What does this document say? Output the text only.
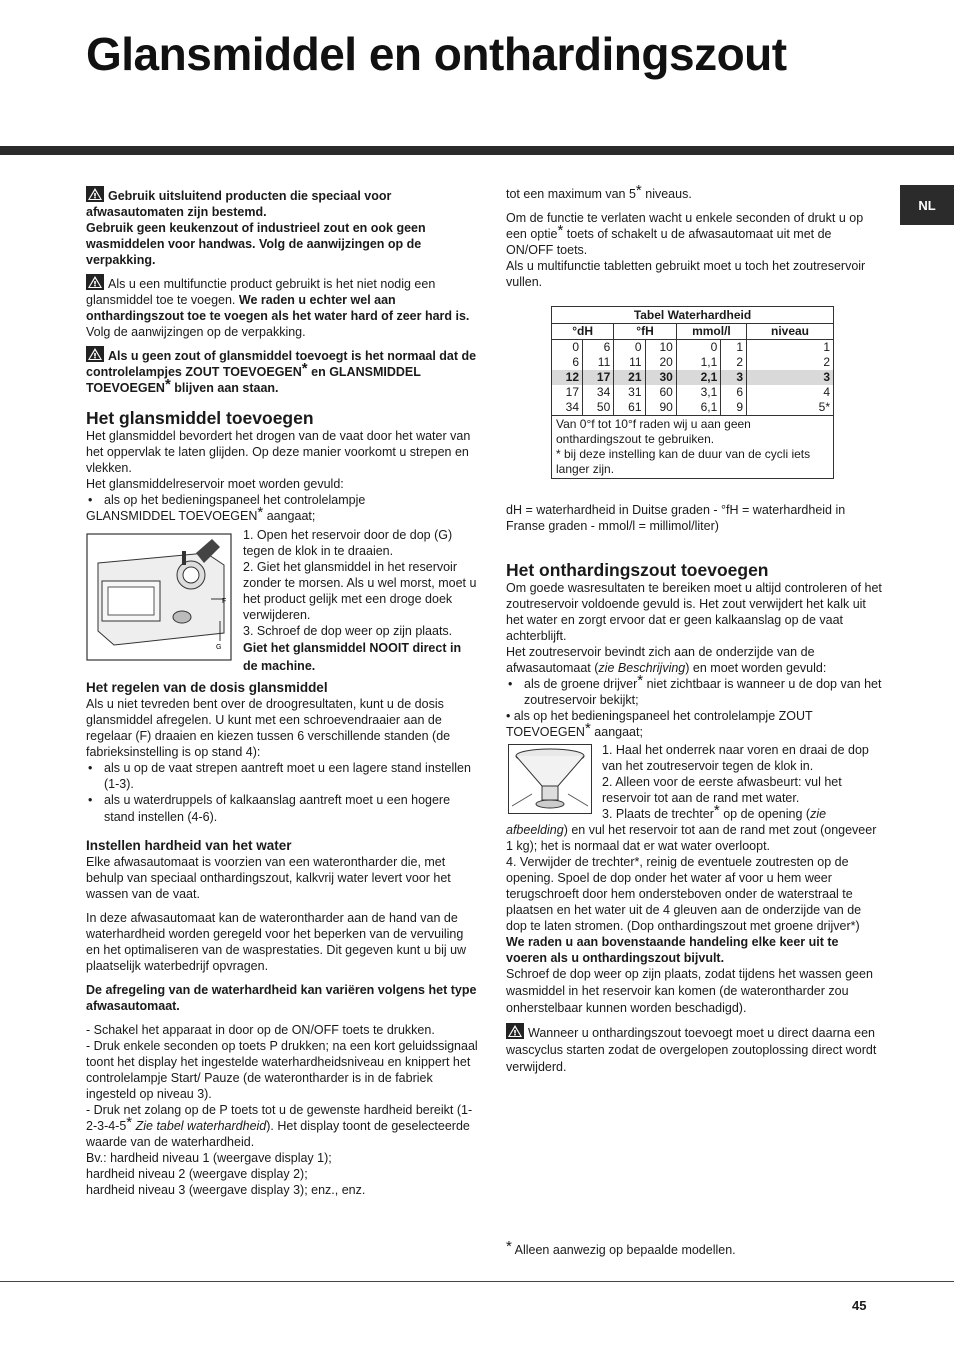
Glansmiddel en onthardingszout
NL

Gebruik uitsluitend producten die speciaal voor afwasautomaten zijn bestemd.
Gebruik geen keukenzout of industrieel zout en ook geen wasmiddelen voor handwas. Volg de aanwijzingen op de verpakking.

Als u een multifunctie product gebruikt is het niet nodig een glansmiddel toe te voegen. We raden u echter wel aan onthardingszout toe te voegen als het water hard of zeer hard is. Volg de aanwijzingen op de verpakking.

Als u geen zout of glansmiddel toevoegt is het normaal dat de controlelampjes ZOUT TOEVOEGEN* en GLANSMIDDEL TOEVOEGEN* blijven aan staan.

Het glansmiddel toevoegen

Het glansmiddel bevordert het drogen van de vaat door het water van het oppervlak te laten glijden. Op deze manier voorkomt u strepen en vlekken.

Het glansmiddelreservoir moet worden gevuld:

• als op het bedieningspaneel het controlelampje

GLANSMIDDEL TOEVOEGEN* aangaat;

F
G

1. Open het reservoir door de dop (G) tegen de klok in te draaien.

2. Giet het glansmiddel in het reservoir zonder te morsen. Als u wel morst, moet u het product gelijk met een droge doek verwijderen.

3. Schroef de dop weer op zijn plaats.

Giet het glansmiddel NOOIT direct in de machine.

Het regelen van de dosis glansmiddel

Als u niet tevreden bent over de droogresultaten, kunt u de dosis glansmiddel afregelen. U kunt met een schroevendraaier aan de regelaar (F) draaien en kiezen tussen 6 verschillende standen (de fabrieksinstelling is op stand 4):

• als u op de vaat strepen aantreft moet u een lagere stand instellen (1-3).

• als u waterdruppels of kalkaanslag aantreft moet u een hogere stand instellen (4-6).

Instellen hardheid van het water

Elke afwasautomaat is voorzien van een waterontharder die, met behulp van speciaal onthardingszout, kalkvrij water levert voor het wassen van de vaat.

In deze afwasautomaat kan de waterontharder aan de hand van de waterhardheid worden geregeld voor het beperken van de vervuiling en het optimaliseren van de wasprestaties. Dit gegeven kunt u bij uw plaatselijk waterbedrijf opvragen.

De afregeling van de waterhardheid kan variëren volgens het type afwasautomaat.

- Schakel het apparaat in door op de ON/OFF toets te drukken.

- Druk enkele seconden op toets P drukken; na een kort geluidssignaal toont het display het ingestelde waterhardheidsniveau en knippert het controlelampje Start/ Pauze (de waterontharder is in de fabriek ingesteld op niveau 3).

- Druk net zolang op de P toets tot u de gewenste hardheid bereikt (1-2-3-4-5* Zie tabel waterhardheid). Het display toont de geselecteerde waarde van de waterhardheid.

Bv.: hardheid niveau 1 (weergave display 1);

hardheid niveau 2 (weergave display 2);

hardheid niveau 3 (weergave display 3); enz., enz.

tot een maximum van 5* niveaus.

Om de functie te verlaten wacht u enkele seconden of drukt u op een optie* toets of schakelt u de afwasautomaat uit met de ON/OFF toets.

Als u multifunctie tabletten gebruikt moet u toch het zoutreservoir vullen.

Tabel Waterhardheid
°dH		°fH		mmol/l		niveau
0	6	0	10	0	1	1
6	11	11	20	1,1	2	2
12	17	21	30	2,1	3	3
17	34	31	60	3,1	6	4
34	50	61	90	6,1	9	5*

Van 0°f tot 10°f raden wij u aan geen onthardingszout te gebruiken.

* bij deze instelling kan de duur van de cycli iets langer zijn.

dH = waterhardheid in Duitse graden - °fH = waterhardheid in Franse graden - mmol/l = millimol/liter)

Het onthardingszout toevoegen

Om goede wasresultaten te bereiken moet u altijd controleren of het zoutreservoir voldoende gevuld is. Het zout verwijdert het kalk uit het water en zorgt ervoor dat er geen kalkaanslag op de vaat achterblijft.

Het zoutreservoir bevindt zich aan de onderzijde van de afwasautomaat (zie Beschrijving) en moet worden gevuld:

• als de groene drijver* niet zichtbaar is wanneer u de dop van het zoutreservoir bekijkt;

• als op het bedieningspaneel het controlelampje ZOUT TOEVOEGEN* aangaat;

1. Haal het onderrek naar voren en draai de dop van het zoutreservoir tegen de klok in.

2. Alleen voor de eerste afwasbeurt: vul het reservoir tot aan de rand met water.

3. Plaats de trechter* op de opening (zie afbeelding) en vul het reservoir tot aan de rand met zout (ongeveer 1 kg); het is normaal dat er wat water overloopt.

4. Verwijder de trechter*, reinig de eventuele zoutresten op de opening. Spoel de dop onder het water af voor u hem weer terugschroeft door hem ondersteboven onder de waterstraal te plaatsen en het water uit de 4 gleuven aan de onderzijde van de dop te laten stromen. (Dop onthardingszout met groene drijver*)

We raden u aan bovenstaande handeling elke keer uit te voeren als u onthardingszout bijvult.

Schroef de dop weer op zijn plaats, zodat tijdens het wassen geen wasmiddel in het reservoir kan komen (de waterontharder zou onherstelbaar kunnen worden beschadigd).

Wanneer u onthardingszout toevoegt moet u direct daarna een wascyclus starten zodat de overgelopen zoutoplossing direct wordt verwijderd.

* Alleen aanwezig op bepaalde modellen.
45
